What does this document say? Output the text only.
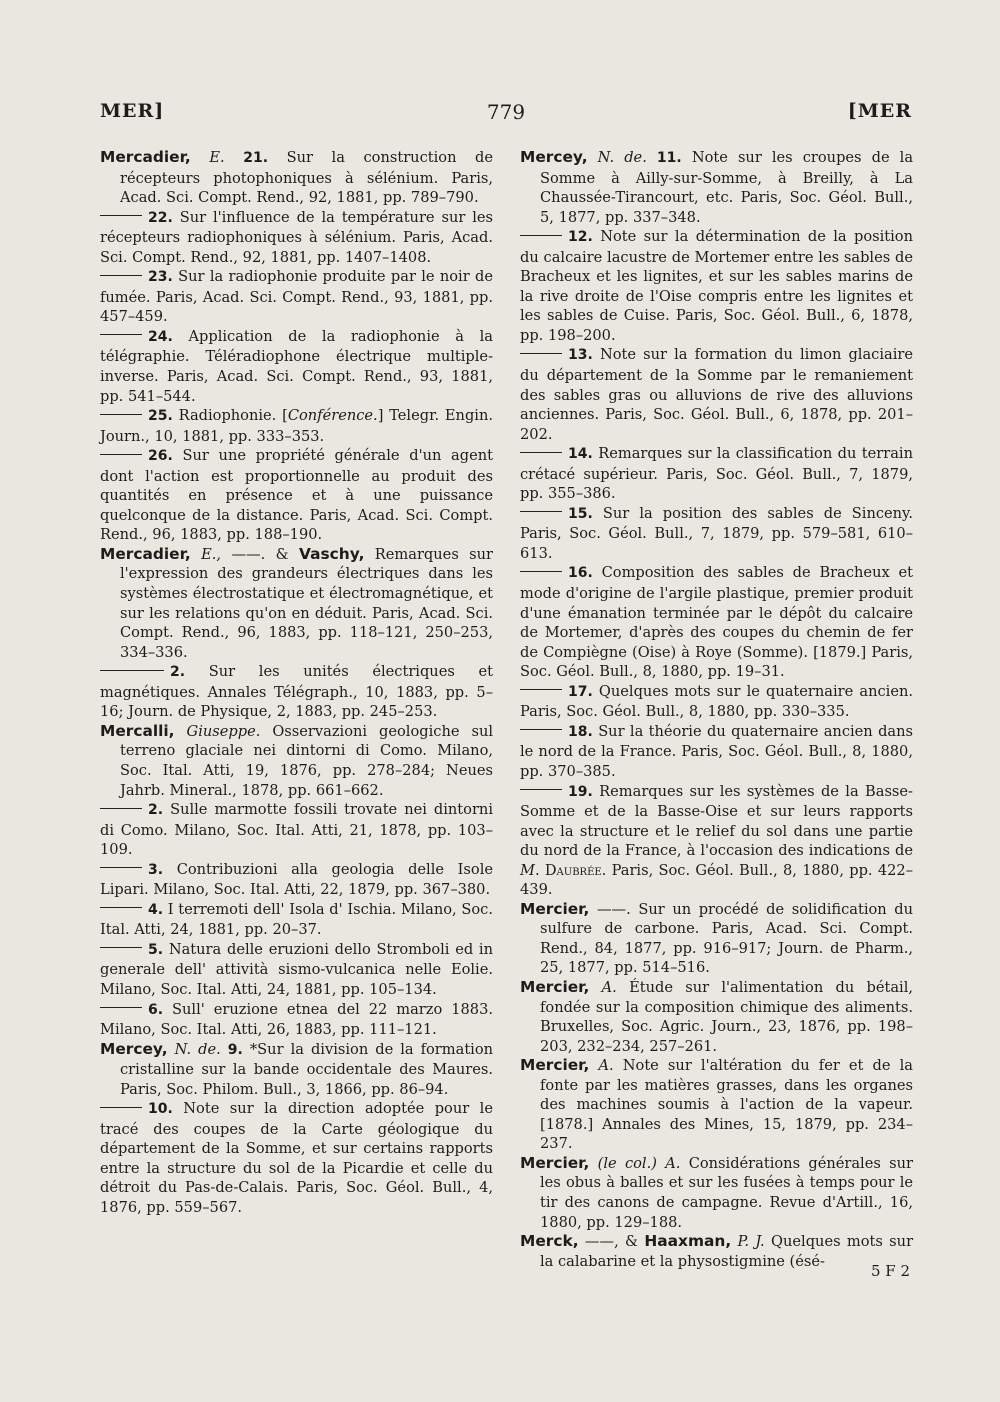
MER]	779	[MER

Mercadier, E. 21. Sur la construction de récepteurs photophoniques à sélénium. Paris, Acad. Sci. Compt. Rend., 92, 1881, pp. 789–790.

22. Sur l'influence de la température sur les récepteurs radiophoniques à sélénium. Paris, Acad. Sci. Compt. Rend., 92, 1881, pp. 1407–1408.

23. Sur la radiophonie produite par le noir de fumée. Paris, Acad. Sci. Compt. Rend., 93, 1881, pp. 457–459.

24. Application de la radiophonie à la télégraphie. Téléradiophone électrique multiple-inverse. Paris, Acad. Sci. Compt. Rend., 93, 1881, pp. 541–544.

25. Radiophonie. [Conférence.] Telegr. Engin. Journ., 10, 1881, pp. 333–353.

26. Sur une propriété générale d'un agent dont l'action est proportionnelle au produit des quantités en présence et à une puissance quelconque de la distance. Paris, Acad. Sci. Compt. Rend., 96, 1883, pp. 188–190.

Mercadier, E., ——. & Vaschy, Remarques sur l'expression des grandeurs électriques dans les systèmes électrostatique et électromagnétique, et sur les relations qu'on en déduit. Paris, Acad. Sci. Compt. Rend., 96, 1883, pp. 118–121, 250–253, 334–336.

2. Sur les unités électriques et magnétiques. Annales Télégraph., 10, 1883, pp. 5–16; Journ. de Physique, 2, 1883, pp. 245–253.

Mercalli, Giuseppe. Osservazioni geologiche sul terreno glaciale nei dintorni di Como. Milano, Soc. Ital. Atti, 19, 1876, pp. 278–284; Neues Jahrb. Mineral., 1878, pp. 661–662.

2. Sulle marmotte fossili trovate nei dintorni di Como. Milano, Soc. Ital. Atti, 21, 1878, pp. 103–109.

3. Contribuzioni alla geologia delle Isole Lipari. Milano, Soc. Ital. Atti, 22, 1879, pp. 367–380.

4. I terremoti dell' Isola d' Ischia. Milano, Soc. Ital. Atti, 24, 1881, pp. 20–37.

5. Natura delle eruzioni dello Stromboli ed in generale dell' attività sismo-vulcanica nelle Eolie. Milano, Soc. Ital. Atti, 24, 1881, pp. 105–134.

6. Sull' eruzione etnea del 22 marzo 1883. Milano, Soc. Ital. Atti, 26, 1883, pp. 111–121.

Mercey, N. de. 9. *Sur la division de la formation cristalline sur la bande occidentale des Maures. Paris, Soc. Philom. Bull., 3, 1866, pp. 86–94.

10. Note sur la direction adoptée pour le tracé des coupes de la Carte géologique du département de la Somme, et sur certains rapports entre la structure du sol de la Picardie et celle du détroit du Pas-de-Calais. Paris, Soc. Géol. Bull., 4, 1876, pp. 559–567.

Mercey, N. de. 11. Note sur les croupes de la Somme à Ailly-sur-Somme, à Breilly, à La Chaussée-Tirancourt, etc. Paris, Soc. Géol. Bull., 5, 1877, pp. 337–348.

12. Note sur la détermination de la position du calcaire lacustre de Mortemer entre les sables de Bracheux et les lignites, et sur les sables marins de la rive droite de l'Oise compris entre les lignites et les sables de Cuise. Paris, Soc. Géol. Bull., 6, 1878, pp. 198–200.

13. Note sur la formation du limon glaciaire du département de la Somme par le remaniement des sables gras ou alluvions de rive des alluvions anciennes. Paris, Soc. Géol. Bull., 6, 1878, pp. 201–202.

14. Remarques sur la classification du terrain crétacé supérieur. Paris, Soc. Géol. Bull., 7, 1879, pp. 355–386.

15. Sur la position des sables de Sinceny. Paris, Soc. Géol. Bull., 7, 1879, pp. 579–581, 610–613.

16. Composition des sables de Bracheux et mode d'origine de l'argile plastique, premier produit d'une émanation terminée par le dépôt du calcaire de Mortemer, d'après des coupes du chemin de fer de Compiègne (Oise) à Roye (Somme). [1879.] Paris, Soc. Géol. Bull., 8, 1880, pp. 19–31.

17. Quelques mots sur le quaternaire ancien. Paris, Soc. Géol. Bull., 8, 1880, pp. 330–335.

18. Sur la théorie du quaternaire ancien dans le nord de la France. Paris, Soc. Géol. Bull., 8, 1880, pp. 370–385.

19. Remarques sur les systèmes de la Basse-Somme et de la Basse-Oise et sur leurs rapports avec la structure et le relief du sol dans une partie du nord de la France, à l'occasion des indications de M. Daubrée. Paris, Soc. Géol. Bull., 8, 1880, pp. 422–439.

Mercier, ——. Sur un procédé de solidification du sulfure de carbone. Paris, Acad. Sci. Compt. Rend., 84, 1877, pp. 916–917; Journ. de Pharm., 25, 1877, pp. 514–516.

Mercier, A. Étude sur l'alimentation du bétail, fondée sur la composition chimique des aliments. Bruxelles, Soc. Agric. Journ., 23, 1876, pp. 198–203, 232–234, 257–261.

Mercier, A. Note sur l'altération du fer et de la fonte par les matières grasses, dans les organes des machines soumis à l'action de la vapeur. [1878.] Annales des Mines, 15, 1879, pp. 234–237.

Mercier, (le col.) A. Considérations générales sur les obus à balles et sur les fusées à temps pour le tir des canons de campagne. Revue d'Artill., 16, 1880, pp. 129–188.

Merck, ——, & Haaxman, P. J. Quelques mots sur la calabarine et la physostigmine (ésé-

5 F 2
